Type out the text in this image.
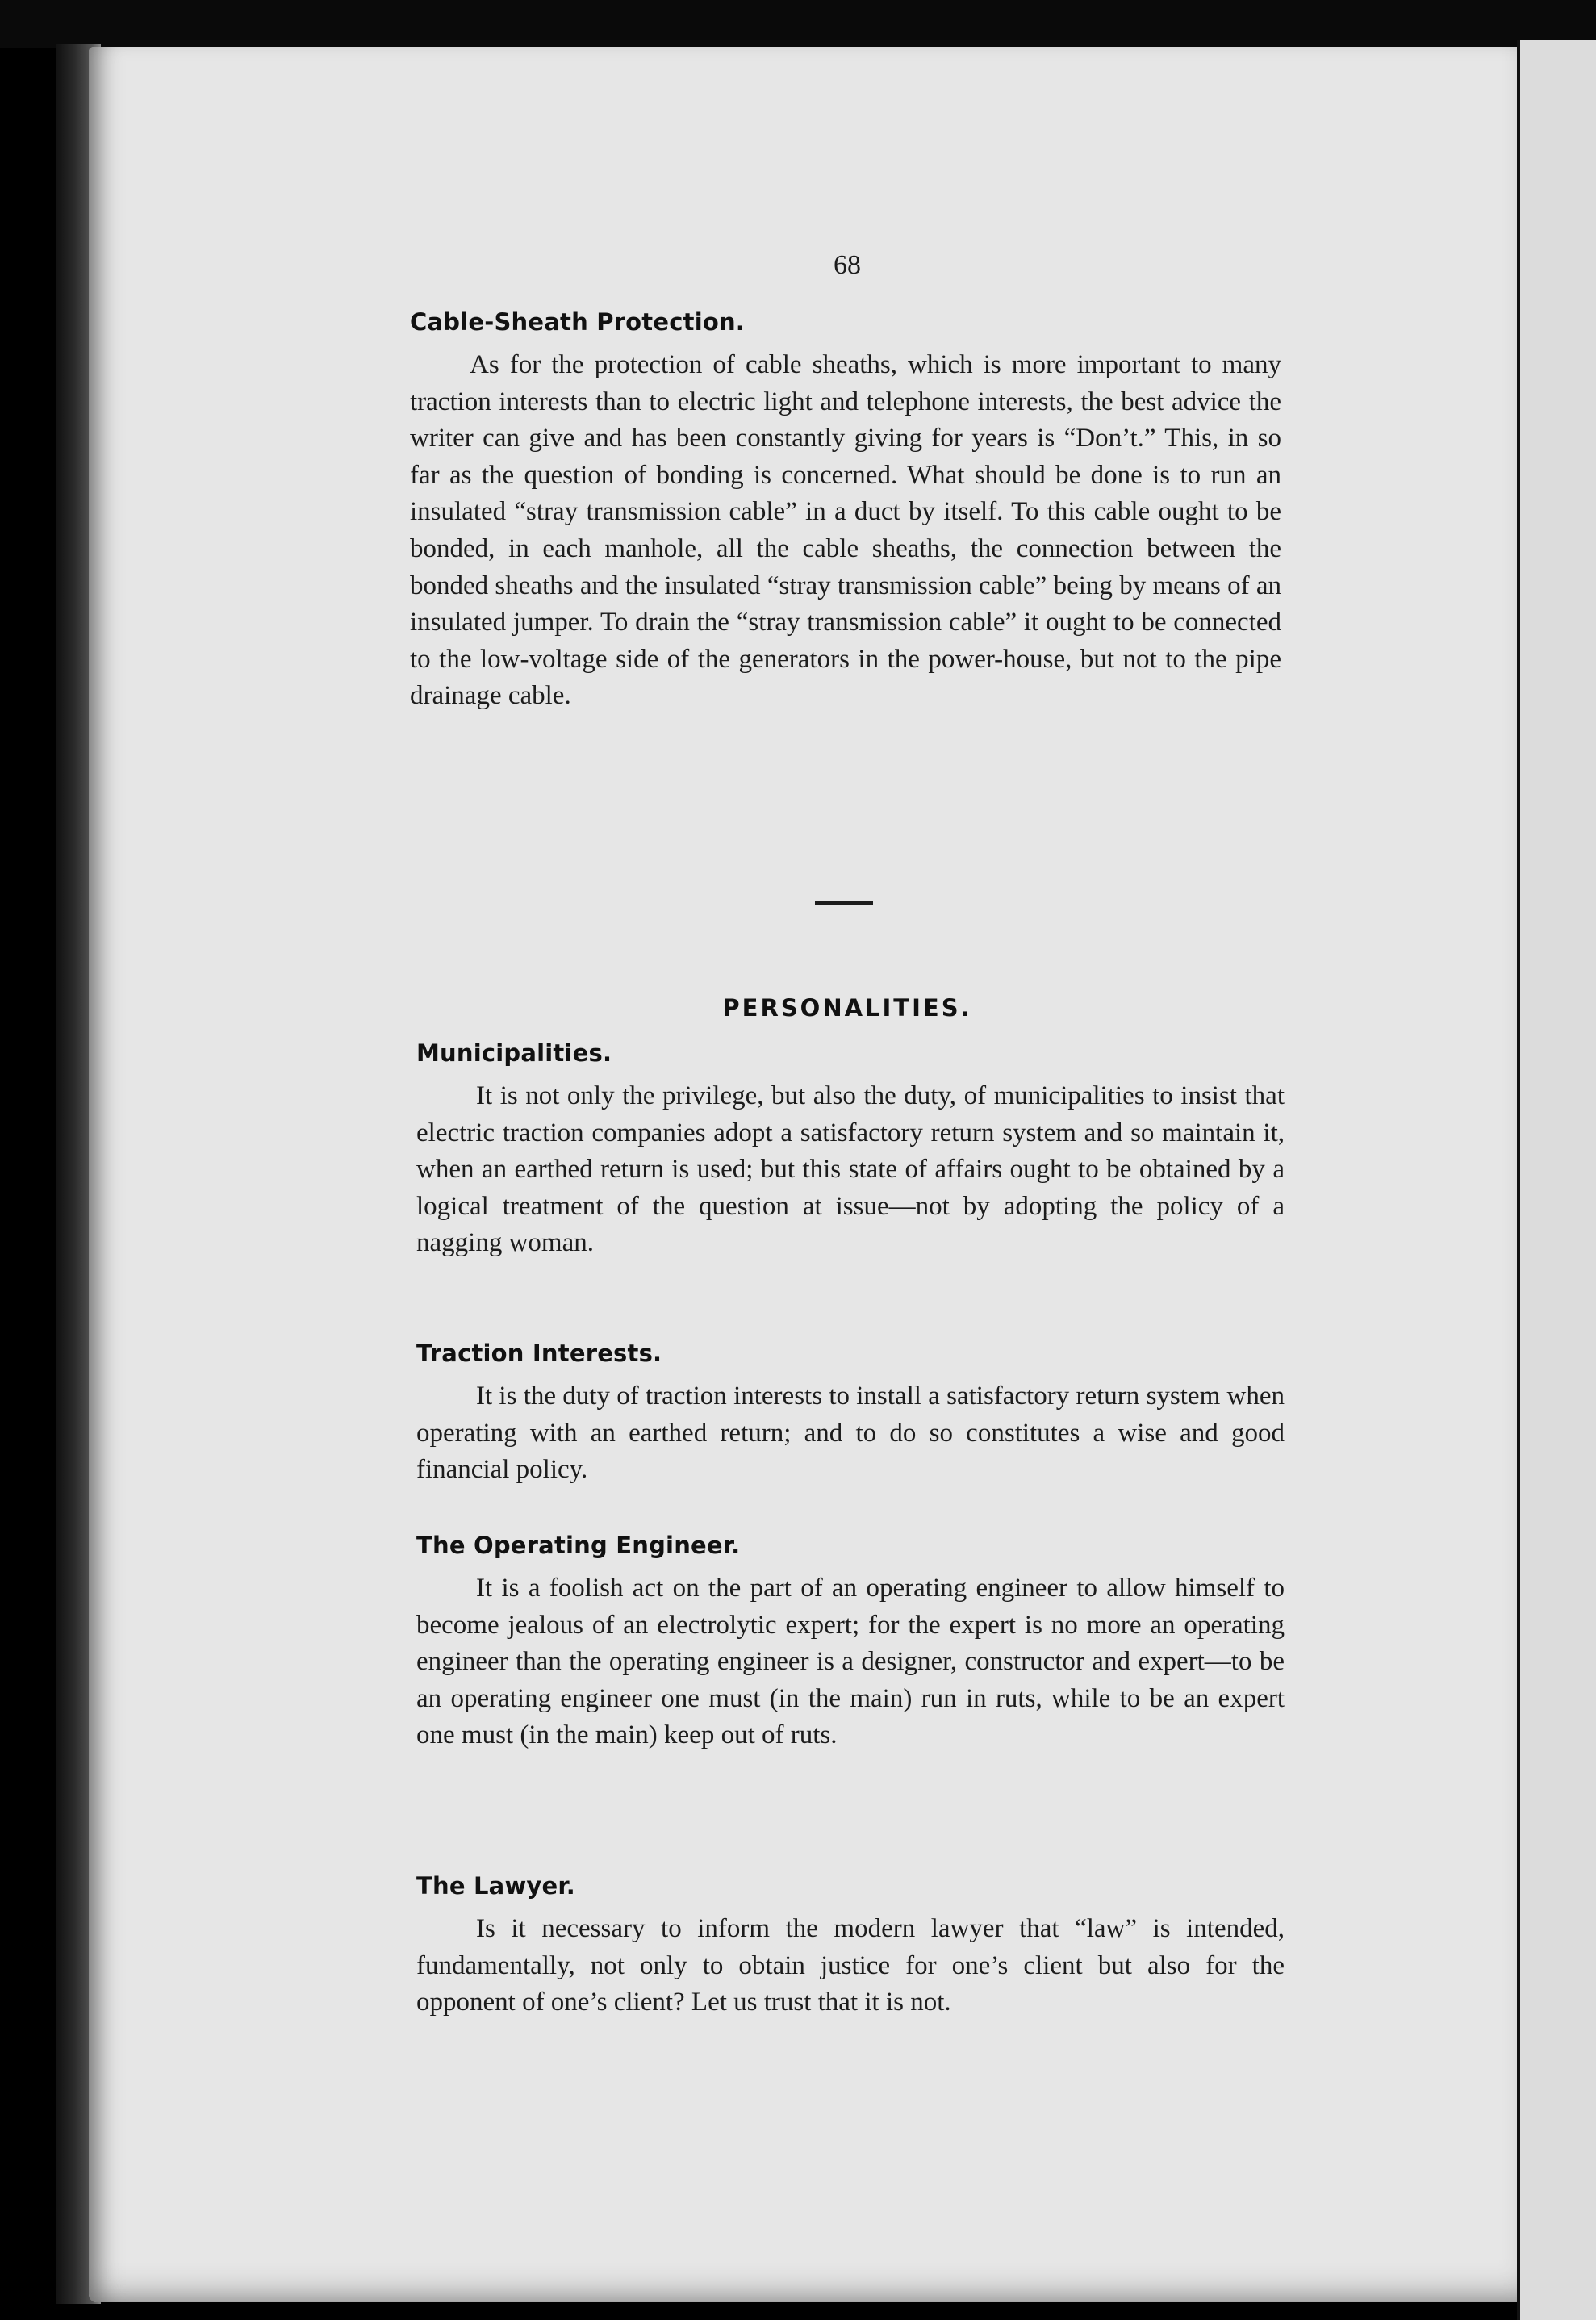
68
Cable-Sheath Protection.

As for the protection of cable sheaths, which is more important to many traction interests than to electric light and telephone interests, the best advice the writer can give and has been constantly giving for years is “Don’t.” This, in so far as the question of bonding is concerned. What should be done is to run an insulated “stray transmission cable” in a duct by itself. To this cable ought to be bonded, in each manhole, all the cable sheaths, the connection between the bonded sheaths and the insulated “stray transmission cable” being by means of an insulated jumper. To drain the “stray transmission cable” it ought to be connected to the low-voltage side of the generators in the power-house, but not to the pipe drainage cable.

PERSONALITIES.
Municipalities.

It is not only the privilege, but also the duty, of municipalities to insist that electric traction companies adopt a satisfactory return system and so maintain it, when an earthed return is used; but this state of affairs ought to be obtained by a logical treatment of the question at issue—not by adopting the policy of a nagging woman.

Traction Interests.

It is the duty of traction interests to install a satisfactory return system when operating with an earthed return; and to do so constitutes a wise and good financial policy.

The Operating Engineer.

It is a foolish act on the part of an operating engineer to allow himself to become jealous of an electrolytic expert; for the expert is no more an operating engineer than the operating engineer is a designer, constructor and expert—to be an operating engineer one must (in the main) run in ruts, while to be an expert one must (in the main) keep out of ruts.

The Lawyer.

Is it necessary to inform the modern lawyer that “law” is intended, fundamentally, not only to obtain justice for one’s client but also for the opponent of one’s client? Let us trust that it is not.
